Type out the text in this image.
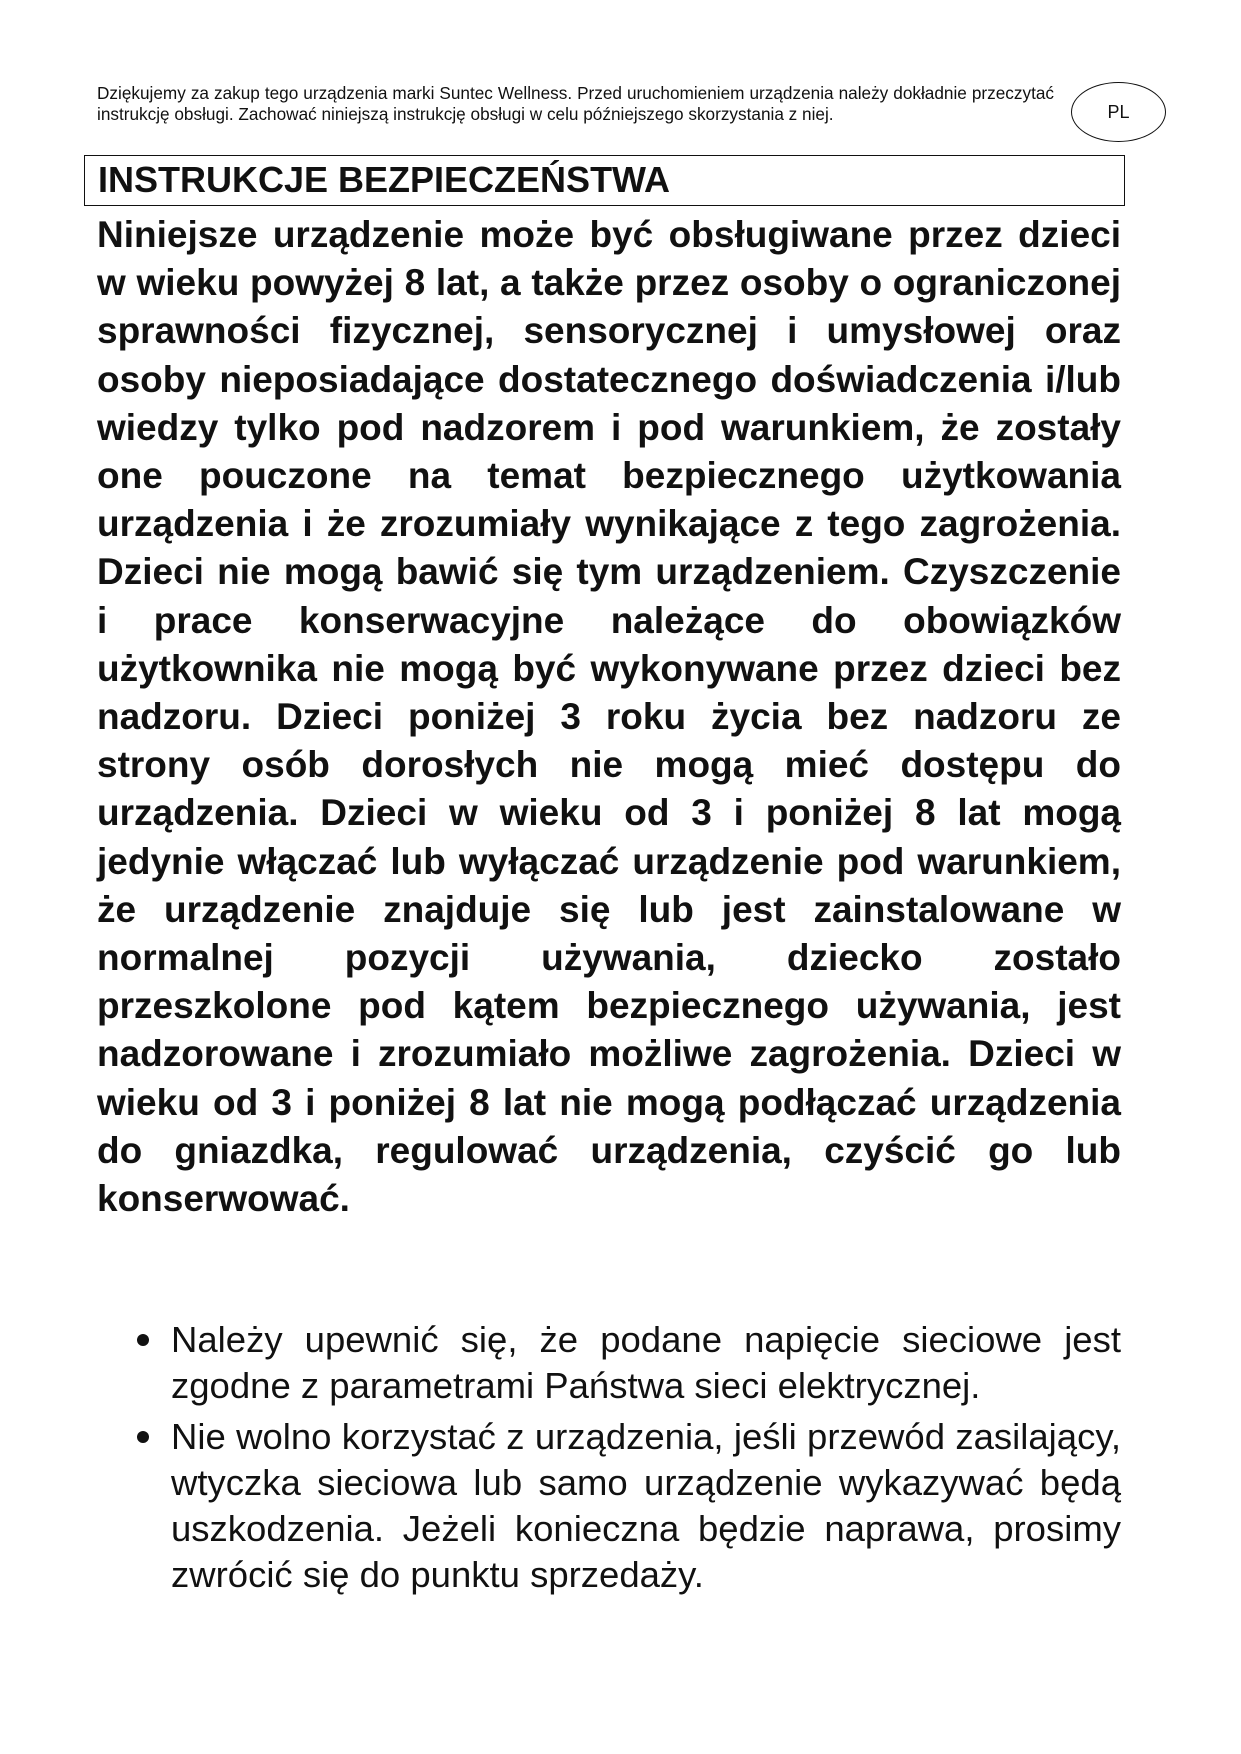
Dziękujemy za zakup tego urządzenia marki Suntec Wellness. Przed uruchomieniem urządzenia należy dokładnie przeczytać instrukcję obsługi. Zachować niniejszą instrukcję obsługi w celu późniejszego skorzystania z niej.	PL
INSTRUKCJE BEZPIECZEŃSTWA

Niniejsze urządzenie może być obsługiwane przez dzieci w wieku powyżej 8 lat, a także przez osoby o ograniczonej sprawności fizycznej, sensorycznej i umysłowej oraz osoby nieposiadające dostatecznego doświadczenia i/lub wiedzy tylko pod nadzorem i pod warunkiem, że zostały one pouczone na temat bezpiecznego użytkowania urządzenia i że zrozumiały wynikające z tego zagrożenia. Dzieci nie mogą bawić się tym urządzeniem. Czyszczenie i prace konserwacyjne należące do obowiązków użytkownika nie mogą być wykonywane przez dzieci bez nadzoru. Dzieci poniżej 3 roku życia bez nadzoru ze strony osób dorosłych nie mogą mieć dostępu do urządzenia. Dzieci w wieku od 3 i poniżej 8 lat mogą jedynie włączać lub wyłączać urządzenie pod warunkiem, że urządzenie znajduje się lub jest zainstalowane w normalnej pozycji używania, dziecko zostało przeszkolone pod kątem bezpiecznego używania, jest nadzorowane i zrozumiało możliwe zagrożenia. Dzieci w wieku od 3 i poniżej 8 lat nie mogą podłączać urządzenia do gniazdka, regulować urządzenia, czyścić go lub konserwować.

Należy upewnić się, że podane napięcie sieciowe jest zgodne z parametrami Państwa sieci elektrycznej.
Nie wolno korzystać z urządzenia, jeśli przewód zasilający, wtyczka sieciowa lub samo urządzenie wykazywać będą uszkodzenia. Jeżeli konieczna będzie naprawa, prosimy zwrócić się do punktu sprzedaży.
